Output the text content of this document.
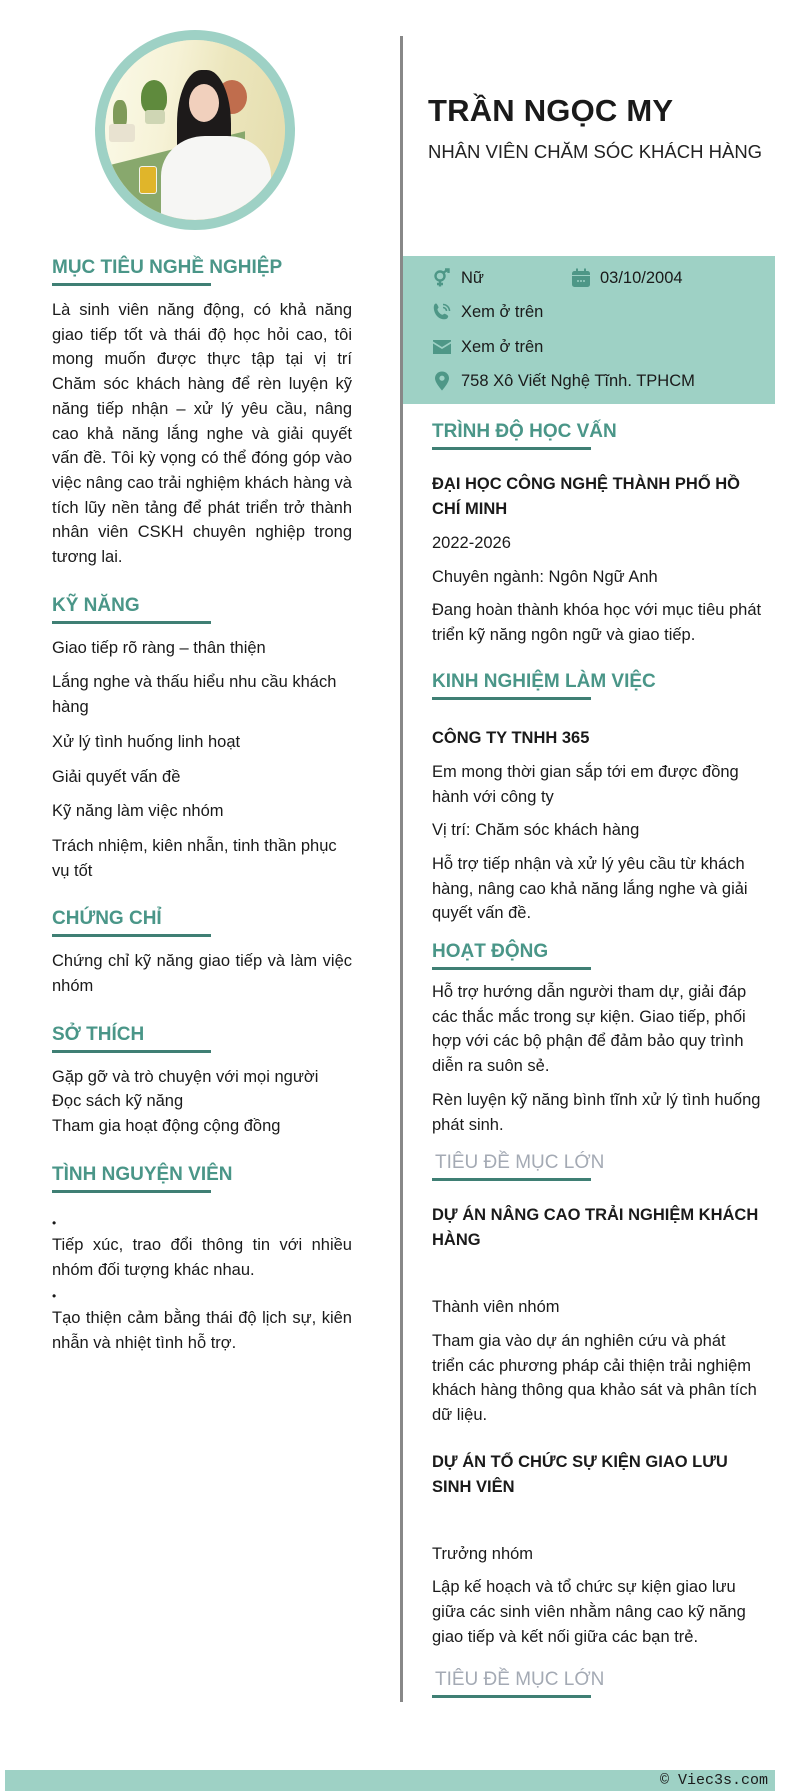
TRẦN NGỌC MY
NHÂN VIÊN CHĂM SÓC KHÁCH HÀNG
Nữ	03/10/2004
Xem ở trên
Xem ở trên
758 Xô Viết Nghệ Tĩnh. TPHCM
MỤC TIÊU NGHỀ NGHIỆP
Là sinh viên năng động, có khả năng giao tiếp tốt và thái độ học hỏi cao, tôi mong muốn được thực tập tại vị trí Chăm sóc khách hàng để rèn luyện kỹ năng tiếp nhận – xử lý yêu cầu, nâng cao khả năng lắng nghe và giải quyết vấn đề. Tôi kỳ vọng có thể đóng góp vào việc nâng cao trải nghiệm khách hàng và tích lũy nền tảng để phát triển trở thành nhân viên CSKH chuyên nghiệp trong tương lai.
KỸ NĂNG
Giao tiếp rõ ràng – thân thiện
Lắng nghe và thấu hiểu nhu cầu khách hàng
Xử lý tình huống linh hoạt
Giải quyết vấn đề
Kỹ năng làm việc nhóm
Trách nhiệm, kiên nhẫn, tinh thần phục vụ tốt
CHỨNG CHỈ
Chứng chỉ kỹ năng giao tiếp và làm việc nhóm
SỞ THÍCH
Gặp gỡ và trò chuyện với mọi người
Đọc sách kỹ năng
Tham gia hoạt động cộng đồng
TÌNH NGUYỆN VIÊN
•
Tiếp xúc, trao đổi thông tin với nhiều nhóm đối tượng khác nhau.
•
Tạo thiện cảm bằng thái độ lịch sự, kiên nhẫn và nhiệt tình hỗ trợ.
TRÌNH ĐỘ HỌC VẤN
ĐẠI HỌC CÔNG NGHỆ THÀNH PHỐ HỒ CHÍ MINH
2022-2026
Chuyên ngành: Ngôn Ngữ Anh
Đang hoàn thành khóa học với mục tiêu phát triển kỹ năng ngôn ngữ và giao tiếp.
KINH NGHIỆM LÀM VIỆC
CÔNG TY TNHH 365
Em mong thời gian sắp tới em được đồng hành với công ty
Vị trí: Chăm sóc khách hàng
Hỗ trợ tiếp nhận và xử lý yêu cầu từ khách hàng, nâng cao khả năng lắng nghe và giải quyết vấn đề.
HOẠT ĐỘNG
Hỗ trợ hướng dẫn người tham dự, giải đáp các thắc mắc trong sự kiện. Giao tiếp, phối hợp với các bộ phận để đảm bảo quy trình diễn ra suôn sẻ.
Rèn luyện kỹ năng bình tĩnh xử lý tình huống phát sinh.
TIÊU ĐỀ MỤC LỚN
DỰ ÁN NÂNG CAO TRẢI NGHIỆM KHÁCH HÀNG
Thành viên nhóm
Tham gia vào dự án nghiên cứu và phát triển các phương pháp cải thiện trải nghiệm khách hàng thông qua khảo sát và phân tích dữ liệu.
DỰ ÁN TỔ CHỨC SỰ KIỆN GIAO LƯU SINH VIÊN
Trưởng nhóm
Lập kế hoạch và tổ chức sự kiện giao lưu giữa các sinh viên nhằm nâng cao kỹ năng giao tiếp và kết nối giữa các bạn trẻ.
TIÊU ĐỀ MỤC LỚN
© Viec3s.com
